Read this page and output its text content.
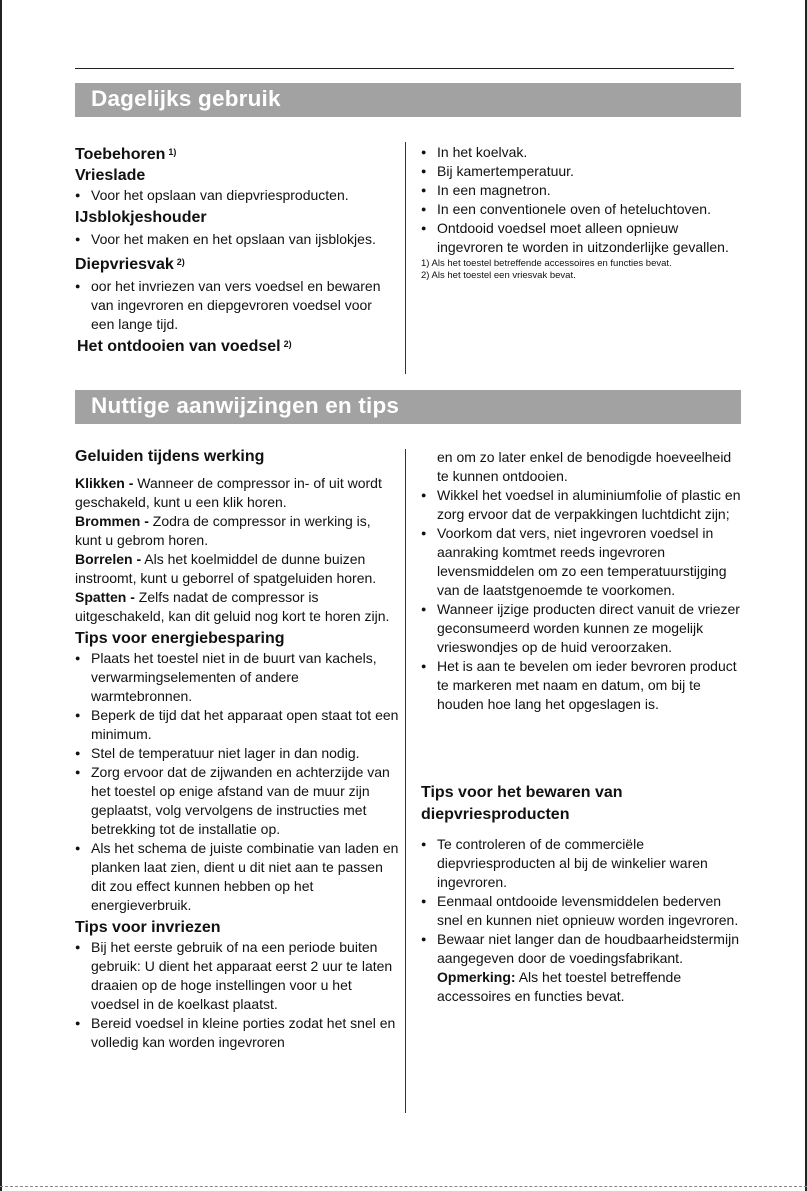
Dagelijks gebruik
Toebehoren $^{1)}$
Vrieslade
● Voor het opslaan van diepvriesproducten.
IJsblokjeshouder
● Voor het maken en het opslaan van ijsblokjes.
Diepvriesvak $^{2)}$
● oor het invriezen van vers voedsel en bewaren van ingevroren en diepgevroren voedsel voor een lange tijd.
Het ontdooien van voedsel $^{2)}$
● In het koelvak.
● Bij kamertemperatuur.
● In een magnetron.
● In een conventionele oven of heteluchtoven.
● Ontdooid voedsel moet alleen opnieuw ingevroren te worden in uitzonderlijke gevallen.
1) Als het toestel betreffende accessoires en functies bevat.
2) Als het toestel een vriesvak bevat.
Nuttige aanwijzingen en tips
Geluiden tijdens werking
Klikken - Wanneer de compressor in- of uit wordt geschakeld, kunt u een klik horen.
Brommen - Zodra de compressor in werking is, kunt u gebrom horen.
Borrelen - Als het koelmiddel de dunne buizen instroomt, kunt u geborrel of spatgeluiden horen.
Spatten - Zelfs nadat de compressor is uitgeschakeld, kan dit geluid nog kort te horen zijn.
Tips voor energiebesparing
● Plaats het toestel niet in de buurt van kachels, verwarmingselementen of andere warmtebronnen.
● Beperk de tijd dat het apparaat open staat tot een minimum.
● Stel de temperatuur niet lager in dan nodig.
● Zorg ervoor dat de zijwanden en achterzijde van het toestel op enige afstand van de muur zijn geplaatst, volg vervolgens de instructies met betrekking tot de installatie op.
● Als het schema de juiste combinatie van laden en planken laat zien, dient u dit niet aan te passen dit zou effect kunnen hebben op het energieverbruik.
Tips voor invriezen
● Bij het eerste gebruik of na een periode buiten gebruik: U dient het apparaat eerst 2 uur te laten draaien op de hoge instellingen voor u het voedsel in de koelkast plaatst.
● Bereid voedsel in kleine porties zodat het snel en volledig kan worden ingevroren
en om zo later enkel de benodigde hoeveelheid te kunnen ontdooien.
● Wikkel het voedsel in aluminiumfolie of plastic en zorg ervoor dat de verpakkingen luchtdicht zijn;
● Voorkom dat vers, niet ingevroren voedsel in aanraking komtmet reeds ingevroren levensmiddelen om zo een temperatuurstijging van de laatstgenoemde te voorkomen.
● Wanneer ijzige producten direct vanuit de vriezer geconsumeerd worden kunnen ze mogelijk vrieswondjes op de huid veroorzaken.
● Het is aan te bevelen om ieder bevroren product te markeren met naam en datum, om bij te houden hoe lang het opgeslagen is.
Tips voor het bewaren van diepvriesproducten
● Te controleren of de commerciële diepvriesproducten al bij de winkelier waren ingevroren.
● Eenmaal ontdooide levensmiddelen bederven snel en kunnen niet opnieuw worden ingevroren.
● Bewaar niet langer dan de houdbaarheidstermijn aangegeven door de voedingsfabrikant.
Opmerking: Als het toestel betreffende accessoires en functies bevat.
